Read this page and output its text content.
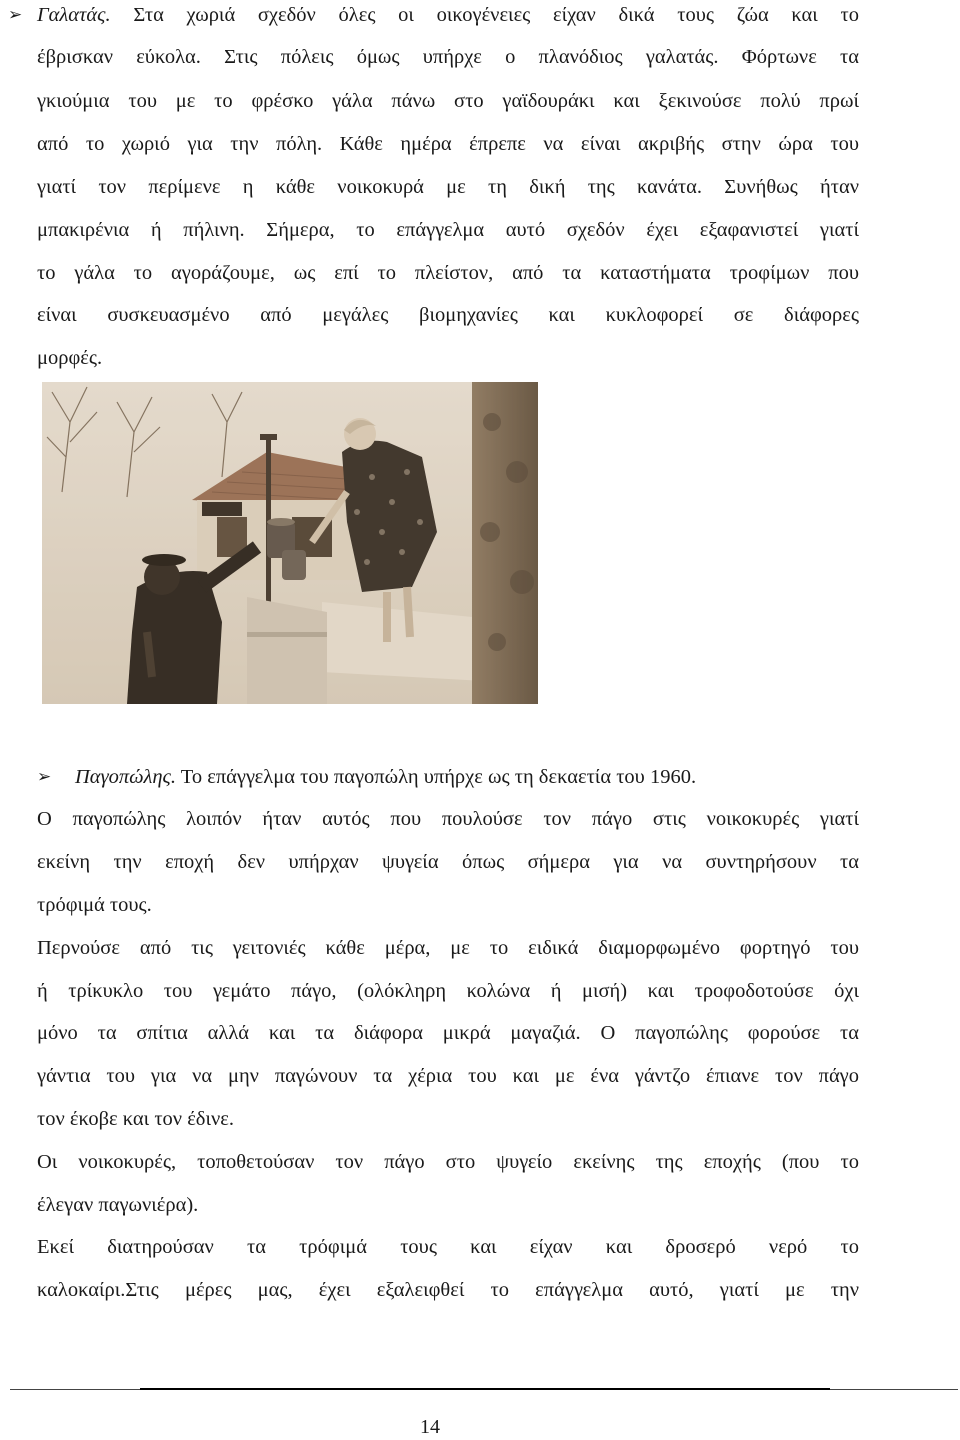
➢ Γαλατάς. Στα χωριά σχεδόν όλες οι οικογένειες είχαν δικά τους ζώα και το
έβρισκαν εύκολα. Στις πόλεις όμως υπήρχε ο πλανόδιος γαλατάς. Φόρτωνε τα
γκιούμια του με το φρέσκο γάλα πάνω στο γαϊδουράκι και ξεκινούσε πολύ πρωί
από το χωριό για την πόλη. Κάθε ημέρα έπρεπε να είναι ακριβής στην ώρα του
γιατί τον περίμενε η κάθε νοικοκυρά με τη δική της κανάτα. Συνήθως ήταν
μπακιρένια ή πήλινη. Σήμερα, το επάγγελμα αυτό σχεδόν έχει εξαφανιστεί γιατί
το γάλα το αγοράζουμε, ως επί το πλείστον, από τα καταστήματα τροφίμων που
είναι συσκευασμένο από μεγάλες βιομηχανίες και κυκλοφορεί σε διάφορες
μορφές.
➢ Παγοπώλης. Το επάγγελμα του παγοπώλη υπήρχε ως τη δεκαετία του 1960.
Ο παγοπώλης λοιπόν ήταν αυτός που πουλούσε τον πάγο στις νοικοκυρές γιατί
εκείνη την εποχή δεν υπήρχαν ψυγεία όπως σήμερα για να συντηρήσουν τα
τρόφιμά τους.
Περνούσε από τις γειτονιές κάθε μέρα, με το ειδικά διαμορφωμένο φορτηγό του
ή τρίκυκλο του γεμάτο πάγο, (ολόκληρη κολώνα ή μισή) και τροφοδοτούσε όχι
μόνο τα σπίτια αλλά και τα διάφορα μικρά μαγαζιά. Ο παγοπώλης φορούσε τα
γάντια του για να μην παγώνουν τα χέρια του και με ένα γάντζο έπιανε τον πάγο
τον έκοβε και τον έδινε.
Οι νοικοκυρές, τοποθετούσαν τον πάγο στο ψυγείο εκείνης της εποχής (που το
έλεγαν παγωνιέρα).
Εκεί διατηρούσαν τα τρόφιμά τους και είχαν και δροσερό νερό το
καλοκαίρι.Στις μέρες μας, έχει εξαλειφθεί το επάγγελμα αυτό, γιατί με την
14
